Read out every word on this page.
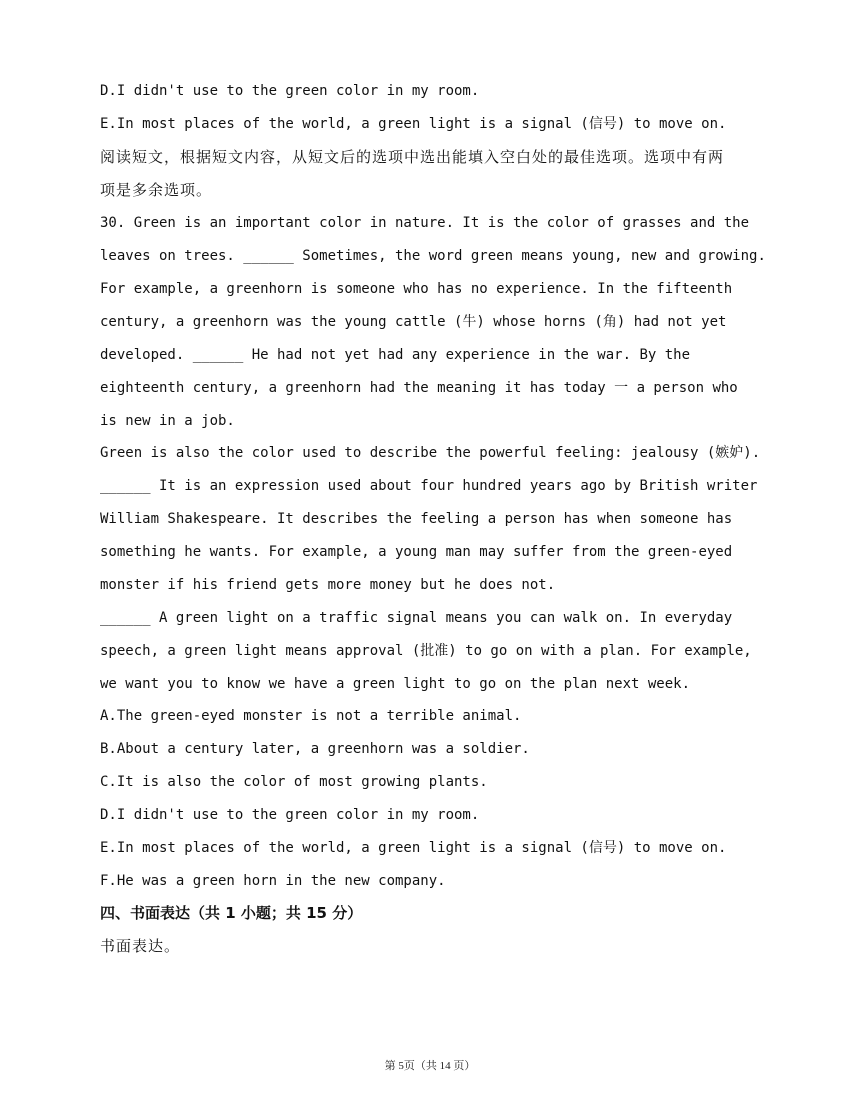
D.I didn't use to the green color in my room.
E.In most places of the world, a green light is a signal (信号) to move on.
阅读短文，根据短文内容，从短文后的选项中选出能填入空白处的最佳选项。选项中有两
项是多余选项。
30. Green is an important color in nature. It is the color of grasses and the
leaves on trees. ______ Sometimes, the word green means young, new and growing.
For example, a greenhorn is someone who has no experience. In the fifteenth
century, a greenhorn was the young cattle (牛) whose horns (角) had not yet
developed. ______ He had not yet had any experience in the war. By the
eighteenth century, a greenhorn had the meaning it has today 一 a person who
is new in a job.
Green is also the color used to describe the powerful feeling: jealousy (嫉妒).
______ It is an expression used about four hundred years ago by British writer
William Shakespeare. It describes the feeling a person has when someone has
something he wants. For example, a young man may suffer from the green-eyed
monster if his friend gets more money but he does not.
______ A green light on a traffic signal means you can walk on. In everyday
speech, a green light means approval (批准) to go on with a plan. For example,
we want you to know we have a green light to go on the plan next week.
A.The green-eyed monster is not a terrible animal.
B.About a century later, a greenhorn was a soldier.
C.It is also the color of most growing plants.
D.I didn't use to the green color in my room.
E.In most places of the world, a green light is a signal (信号) to move on.
F.He was a green horn in the new company.
四、书面表达（共 1 小题；共 15 分）
书面表达。
第 5页（共 14 页）
